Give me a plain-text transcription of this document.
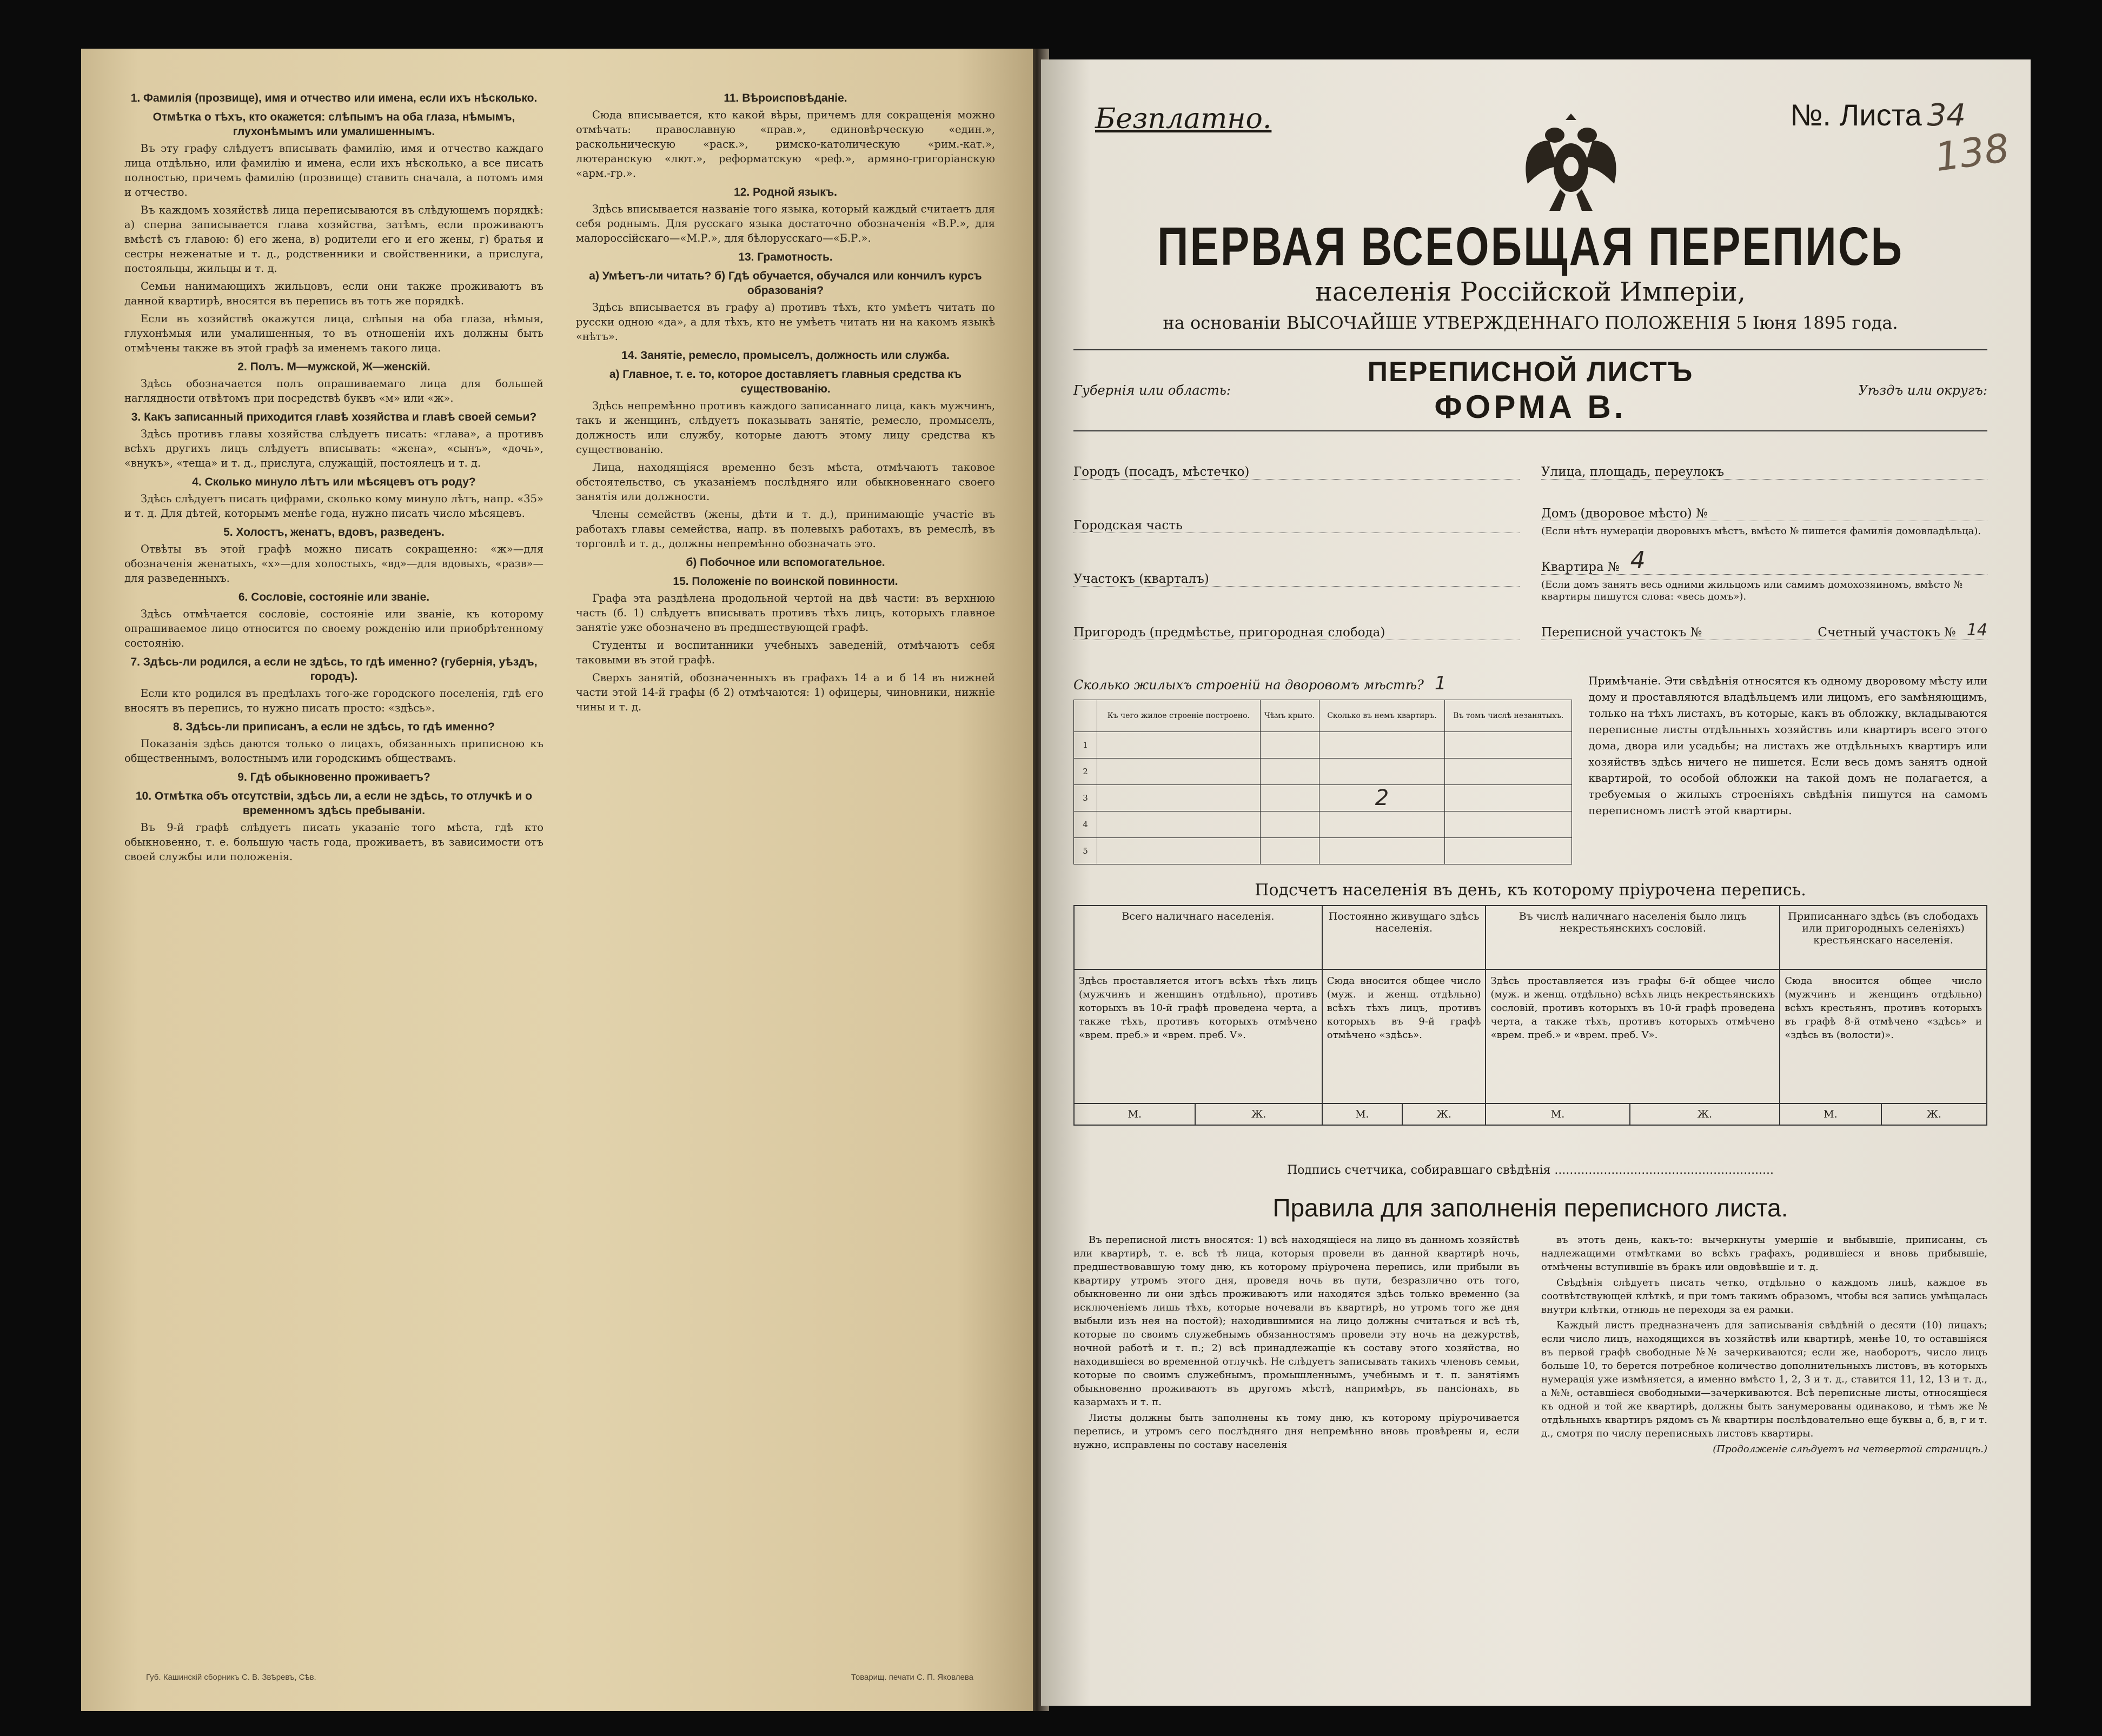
1. Фамилія (прозвище), имя и отчество или имена, если ихъ нѣсколько.
Отмѣтка о тѣхъ, кто окажется: слѣпымъ на оба глаза, нѣмымъ, глухонѣмымъ или умалишеннымъ.

Въ эту графу слѣдуетъ вписывать фамилію, имя и отчество каждаго лица отдѣльно, или фамилію и имена, если ихъ нѣсколько, а все писать полностью, причемъ фамилію (прозвище) ставить сначала, а потомъ имя и отчество.

Въ каждомъ хозяйствѣ лица переписываются въ слѣдующемъ порядкѣ: а) сперва записывается глава хозяйства, затѣмъ, если проживаютъ вмѣстѣ съ главою: б) его жена, в) родители его и его жены, г) братья и сестры неженатые и т. д., родственники и свойственники, а прислуга, постояльцы, жильцы и т. д.

Семьи нанимающихъ жильцовъ, если они также проживаютъ въ данной квартирѣ, вносятся въ перепись въ тотъ же порядкѣ.

Если въ хозяйствѣ окажутся лица, слѣпыя на оба глаза, нѣмыя, глухонѣмыя или умалишенныя, то въ отношеніи ихъ должны быть отмѣчены также въ этой графѣ за именемъ такого лица.

2. Полъ. М—мужской, Ж—женскій.

Здѣсь обозначается полъ опрашиваемаго лица для большей наглядности отвѣтомъ при посредствѣ буквъ «м» или «ж».

3. Какъ записанный приходится главѣ хозяйства и главѣ своей семьи?

Здѣсь противъ главы хозяйства слѣдуетъ писать: «глава», а противъ всѣхъ другихъ лицъ слѣдуетъ вписывать: «жена», «сынъ», «дочь», «внукъ», «теща» и т. д., прислуга, служащій, постоялецъ и т. д.

4. Сколько минуло лѣтъ или мѣсяцевъ отъ роду?

Здѣсь слѣдуетъ писать цифрами, сколько кому минуло лѣтъ, напр. «35» и т. д. Для дѣтей, которымъ менѣе года, нужно писать число мѣсяцевъ.

5. Холостъ, женатъ, вдовъ, разведенъ.

Отвѣты въ этой графѣ можно писать сокращенно: «ж»—для обозначенія женатыхъ, «х»—для холостыхъ, «вд»—для вдовыхъ, «разв»—для разведенныхъ.

6. Сословіе, состояніе или званіе.

Здѣсь отмѣчается сословіе, состояніе или званіе, къ которому опрашиваемое лицо относится по своему рожденію или приобрѣтенному состоянію.

7. Здѣсь-ли родился, а если не здѣсь, то гдѣ именно? (губернія, уѣздъ, городъ).

Если кто родился въ предѣлахъ того-же городского поселенія, гдѣ его вносятъ въ перепись, то нужно писать просто: «здѣсь».

8. Здѣсь-ли приписанъ, а если не здѣсь, то гдѣ именно?

Показанія здѣсь даются только о лицахъ, обязанныхъ приписною къ общественнымъ, волостнымъ или городскимъ обществамъ.

9. Гдѣ обыкновенно проживаетъ?
10. Отмѣтка объ отсутствіи, здѣсь ли, а если не здѣсь, то отлучкѣ и о временномъ здѣсь пребываніи.

Въ 9-й графѣ слѣдуетъ писать указаніе того мѣста, гдѣ кто обыкновенно, т. е. большую часть года, проживаетъ, въ зависимости отъ своей службы или положенія.

11. Вѣроисповѣданіе.

Сюда вписывается, кто какой вѣры, причемъ для сокращенія можно отмѣчать: православную «прав.», единовѣрческую «един.», раскольническую «раск.», римско-католическую «рим.-кат.», лютеранскую «лют.», реформатскую «реф.», армяно-григоріанскую «арм.-гр.».

12. Родной языкъ.

Здѣсь вписывается названіе того языка, который каждый считаетъ для себя роднымъ. Для русскаго языка достаточно обозначенія «В.Р.», для малороссійскаго—«М.Р.», для бѣлорусскаго—«Б.Р.».

13. Грамотность.
а) Умѣетъ-ли читать? б) Гдѣ обучается, обучался или кончилъ курсъ образованія?

Здѣсь вписывается въ графу а) противъ тѣхъ, кто умѣетъ читать по русски одною «да», а для тѣхъ, кто не умѣетъ читать ни на какомъ языкѣ «нѣтъ».

14. Занятіе, ремесло, промыселъ, должность или служба.
а) Главное, т. е. то, которое доставляетъ главныя средства къ существованію.

Здѣсь непремѣнно противъ каждого записаннаго лица, какъ мужчинъ, такъ и женщинъ, слѣдуетъ показывать занятіе, ремесло, промыселъ, должность или службу, которые даютъ этому лицу средства къ существованію.

Лица, находящіяся временно безъ мѣста, отмѣчаютъ таковое обстоятельство, съ указаніемъ послѣдняго или обыкновеннаго своего занятія или должности.

Члены семействъ (жены, дѣти и т. д.), принимающіе участіе въ работахъ главы семейства, напр. въ полевыхъ работахъ, въ ремеслѣ, въ торговлѣ и т. д., должны непремѣнно обозначать это.

б) Побочное или вспомогательное.
15. Положеніе по воинской повинности.

Графа эта раздѣлена продольной чертой на двѣ части: въ верхнюю часть (б. 1) слѣдуетъ вписывать противъ тѣхъ лицъ, которыхъ главное занятіе уже обозначено въ предшествующей графѣ.

Студенты и воспитанники учебныхъ заведеній, отмѣчаютъ себя таковыми въ этой графѣ.

Сверхъ занятій, обозначенныхъ въ графахъ 14 а и б 14 въ нижней части этой 14-й графы (б 2) отмѣчаются: 1) офицеры, чиновники, нижніе чины и т. д.

Губ. Кашинскій сборникъ С. В. Звѣревъ, Сѣв.	Товарищ. печати С. П. Яковлева
Безплатно.	№. Листа 34
138
ПЕРВАЯ ВСЕОБЩАЯ ПЕРЕПИСЬ
населенія Россійской Имперіи,
на основаніи ВЫСОЧАЙШЕ УТВЕРЖДЕННАГО ПОЛОЖЕНІЯ 5 Іюня 1895 года.
Губернія или область:
ПЕРЕПИСНОЙ ЛИСТЪ
ФОРМА В.	Уѣздъ или округъ:
Городъ (посадъ, мѣстечко)
Городская часть
Участокъ (кварталъ)
Пригородъ (предмѣстье, пригородная слобода)
Улица, площадь, переулокъ
Домъ (дворовое мѣсто) №
(Если нѣтъ нумераціи дворовыхъ мѣстъ, вмѣсто № пишется фамилія домовладѣльца).
Квартира № 4
(Если домъ занятъ весь одними жильцомъ или самимъ домохозяиномъ, вмѣсто № квартиры пишутся слова: «весь домъ»).
Переписной участокъ №	Счетный участокъ № 14
Сколько жилыхъ строеній на дворовомъ мѣстѣ? 1
	Къ чего жилое строеніе построено.	Чѣмъ крыто.	Сколько въ немъ квартиръ.	Въ томъ числѣ незанятыхъ.
1				
2				
3			2	
4				
5				
Примѣчаніе. Эти свѣдѣнія относятся къ одному дворовому мѣсту или дому и проставляются владѣльцемъ или лицомъ, его замѣняющимъ, только на тѣхъ листахъ, въ которые, какъ въ обложку, вкладываются переписные листы отдѣльныхъ хозяйствъ или квартиръ всего этого дома, двора или усадьбы; на листахъ же отдѣльныхъ квартиръ или хозяйствъ здѣсь ничего не пишется. Если весь домъ занятъ одной квартирой, то особой обложки на такой домъ не полагается, а требуемыя о жилыхъ строеніяхъ свѣдѣнія пишутся на самомъ переписномъ листѣ этой квартиры.
Подсчетъ населенія въ день, къ которому пріурочена перепись.
Всего наличнаго населенія.		Постоянно живущаго здѣсь населенія.		Въ числѣ наличнаго населенія было лицъ некрестьянскихъ сословій.		Приписаннаго здѣсь (въ слободахъ или пригородныхъ селеніяхъ) крестьянскаго населенія.	
Здѣсь проставляется итогъ всѣхъ тѣхъ лицъ (мужчинъ и женщинъ отдѣльно), противъ которыхъ въ 10-й графѣ проведена черта, а также тѣхъ, противъ которыхъ отмѣчено «врем. преб.» и «врем. преб. V».		Сюда вносится общее число (муж. и женщ. отдѣльно) всѣхъ тѣхъ лицъ, противъ которыхъ въ 9-й графѣ отмѣчено «здѣсь».		Здѣсь проставляется изъ графы 6-й общее число (муж. и женщ. отдѣльно) всѣхъ лицъ некрестьянскихъ сословій, противъ которыхъ въ 10-й графѣ проведена черта, а также тѣхъ, противъ которыхъ отмѣчено «врем. преб.» и «врем. преб. V».		Сюда вносится общее число (мужчинъ и женщинъ отдѣльно) всѣхъ крестьянъ, противъ которыхъ въ графѣ 8-й отмѣчено «здѣсь» и «здѣсь въ (волости)».	
М.	Ж.	М.	Ж.	М.	Ж.	М.	Ж.
Подпись счетчика, собиравшаго свѣдѣнія ..........................................................
Правила для заполненія переписного листа.

Въ переписной листъ вносятся: 1) всѣ находящіеся на лицо въ данномъ хозяйствѣ или квартирѣ, т. е. всѣ тѣ лица, которыя провели въ данной квартирѣ ночь, предшествовавшую тому дню, къ которому пріурочена перепись, или прибыли въ квартиру утромъ этого дня, проведя ночь въ пути, безразлично отъ того, обыкновенно ли они здѣсь проживаютъ или находятся здѣсь только временно (за исключеніемъ лишь тѣхъ, которые ночевали въ квартирѣ, но утромъ того же дня выбыли изъ нея на постой); находившимися на лицо должны считаться и всѣ тѣ, которые по своимъ служебнымъ обязанностямъ провели эту ночь на дежурствѣ, ночной работѣ и т. п.; 2) всѣ принадлежащіе къ составу этого хозяйства, но находившіеся во временной отлучкѣ. Не слѣдуетъ записывать такихъ членовъ семьи, которые по своимъ служебнымъ, промышленнымъ, учебнымъ и т. п. занятіямъ обыкновенно проживаютъ въ другомъ мѣстѣ, напримѣръ, въ пансіонахъ, въ казармахъ и т. п.

Листы должны быть заполнены къ тому дню, къ которому пріурочивается перепись, и утромъ сего послѣдняго дня непремѣнно вновь провѣрены и, если нужно, исправлены по составу населенія

въ этотъ день, какъ-то: вычеркнуты умершіе и выбывшіе, приписаны, съ надлежащими отмѣтками во всѣхъ графахъ, родившіеся и вновь прибывшіе, отмѣчены вступившіе въ бракъ или овдовѣвшіе и т. д.

Свѣдѣнія слѣдуетъ писать четко, отдѣльно о каждомъ лицѣ, каждое въ соотвѣтствующей клѣткѣ, и при томъ такимъ образомъ, чтобы вся запись умѣщалась внутри клѣтки, отнюдь не переходя за ея рамки.

Каждый листъ предназначенъ для записыванія свѣдѣній о десяти (10) лицахъ; если число лицъ, находящихся въ хозяйствѣ или квартирѣ, менѣе 10, то оставшіяся въ первой графѣ свободные №№ зачеркиваются; если же, наоборотъ, число лицъ больше 10, то берется потребное количество дополнительныхъ листовъ, въ которыхъ нумерація уже измѣняется, а именно вмѣсто 1, 2, 3 и т. д., ставится 11, 12, 13 и т. д., а №№, оставшіеся свободными—зачеркиваются. Всѣ переписные листы, относящіеся къ одной и той же квартирѣ, должны быть занумерованы одинаково, и тѣмъ же № отдѣльныхъ квартиръ рядомъ съ № квартиры послѣдовательно еще буквы а, б, в, г и т. д., смотря по числу переписныхъ листовъ квартиры.

(Продолженіе слѣдуетъ на четвертой страницѣ.)
